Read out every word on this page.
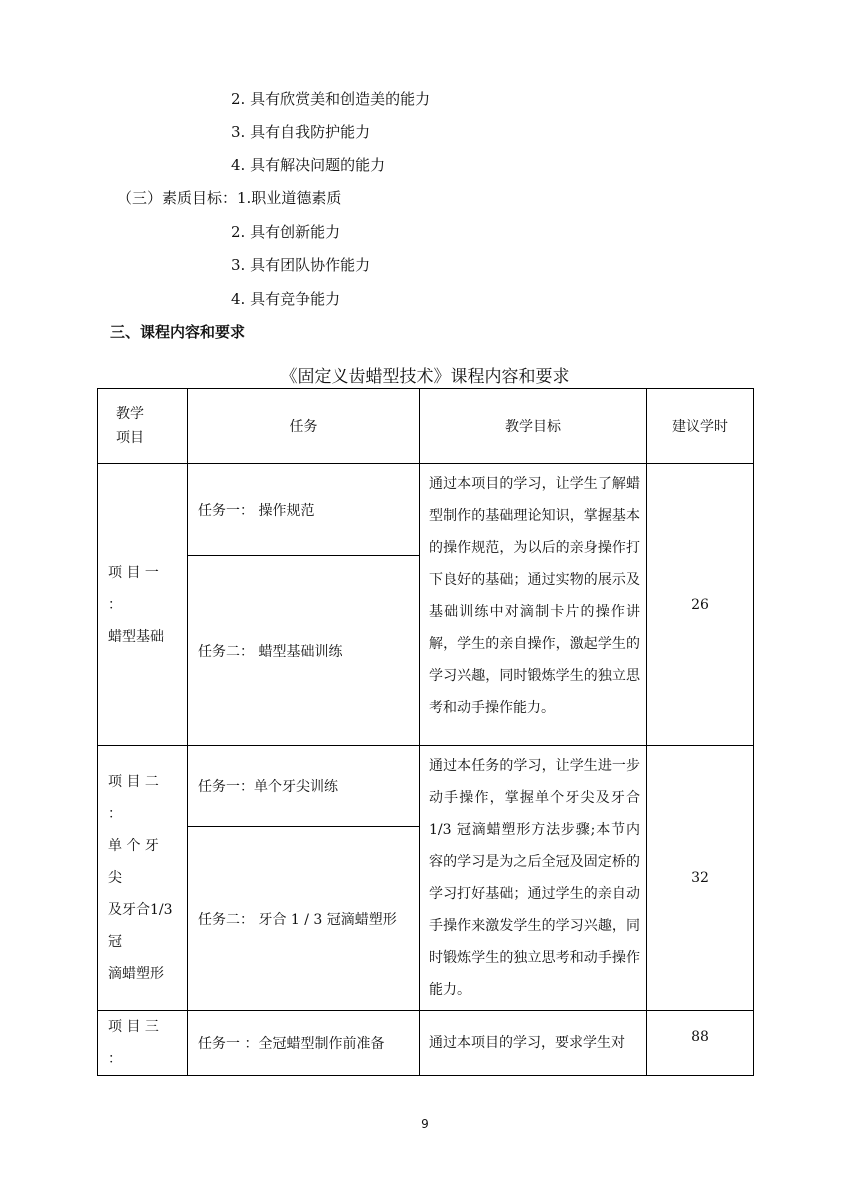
2. 具有欣赏美和创造美的能力
3. 具有自我防护能力
4. 具有解决问题的能力
（三）素质目标：1.职业道德素质
2. 具有创新能力
3. 具有团队协作能力
4. 具有竞争能力
三、课程内容和要求
《固定义齿蜡型技术》课程内容和要求
教学
项目	任务	教学目标	建议学时

项 目 一 ：
蜡型基础	任务一： 操作规范	通过本项目的学习，让学生了解蜡型制作的基础理论知识，掌握基本的操作规范，为以后的亲身操作打下良好的基础；通过实物的展示及基础训练中对滴制卡片的操作讲解，学生的亲自操作，激起学生的学习兴趣，同时锻炼学生的独立思考和动手操作能力。	26
	任务二： 蜡型基础训练		

项 目 二 ：
单 个 牙 尖
及牙合1/3 冠
滴蜡塑形	任务一：单个牙尖训练	通过本任务的学习，让学生进一步动手操作，掌握单个牙尖及牙合 1/3 冠滴蜡塑形方法步骤;本节内容的学习是为之后全冠及固定桥的学习打好基础；通过学生的亲自动手操作来激发学生的学习兴趣，同时锻炼学生的独立思考和动手操作能力。	32
	任务二： 牙合 1 / 3 冠滴蜡塑形		

项 目 三 ：	任务一 ：全冠蜡型制作前准备	通过本项目的学习，要求学生对	88
9
